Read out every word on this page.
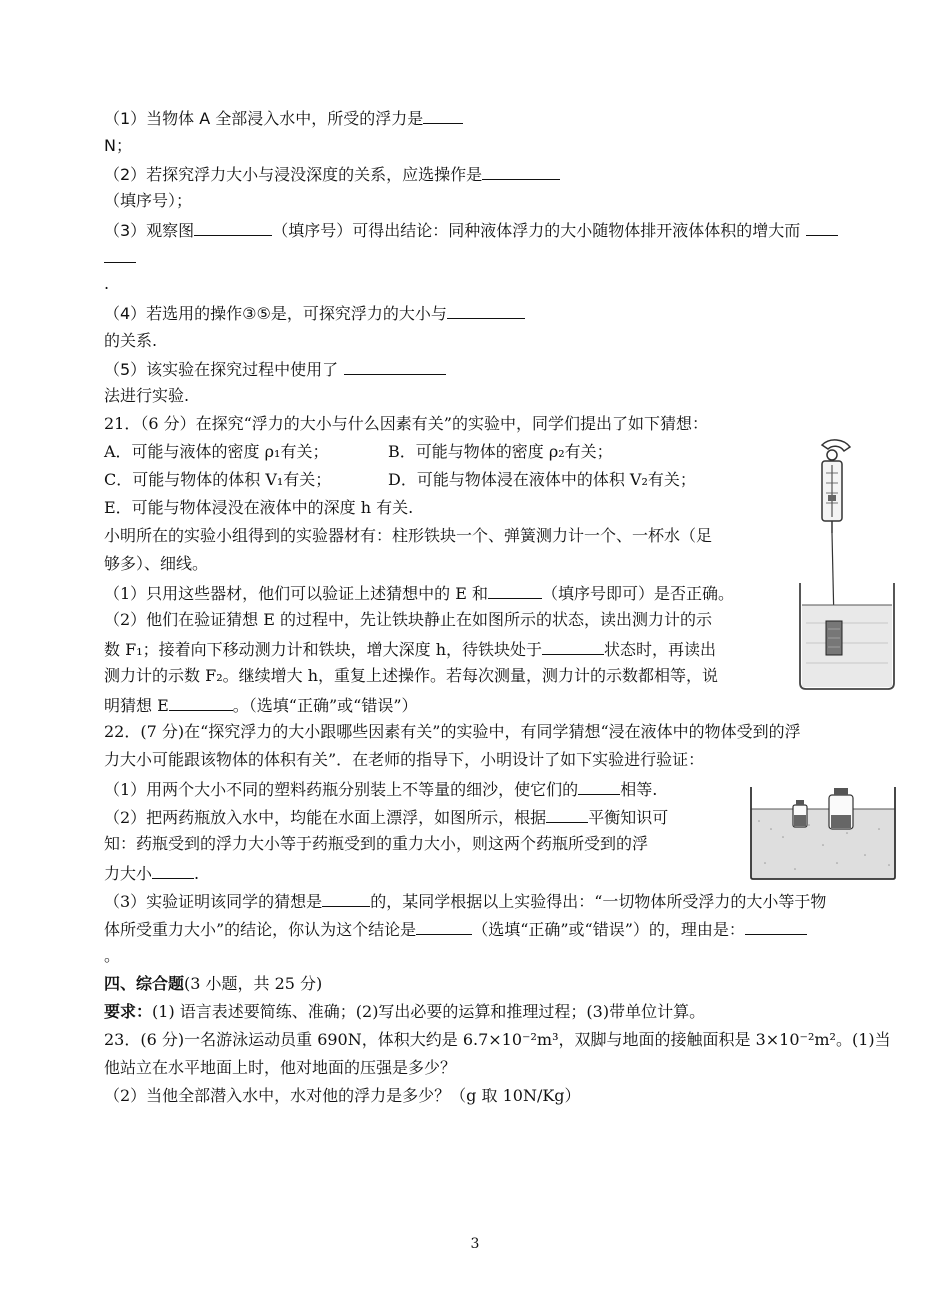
（1）当物体 A 全部浸入水中，所受的浮力是
N；
（2）若探究浮力大小与浸没深度的关系，应选操作是
（填序号）；
（3）观察图	（填序号）可得出结论：同种液体浮力的大小随物体排开液体体积的增大而
.
（4）若选用的操作③⑤是，可探究浮力的大小与
的关系.
（5）该实验在探究过程中使用了
法进行实验.
21．（6 分）在探究“浮力的大小与什么因素有关”的实验中，同学们提出了如下猜想：
A．可能与液体的密度 ρ₁有关；	B．可能与物体的密度 ρ₂有关；
C．可能与物体的体积 V₁有关；	D．可能与物体浸在液体中的体积 V₂有关；
E．可能与物体浸没在液体中的深度 h 有关.
小明所在的实验小组得到的实验器材有：柱形铁块一个、弹簧测力计一个、一杯水（足
够多）、细线。
（1）只用这些器材，他们可以验证上述猜想中的 E 和	（填序号即可）是否正确。
（2）他们在验证猜想 E 的过程中，先让铁块静止在如图所示的状态，读出测力计的示
数 F₁；接着向下移动测力计和铁块，增大深度 h，待铁块处于	状态时，再读出
测力计的示数 F₂。继续增大 h，重复上述操作。若每次测量，测力计的示数都相等，说
明猜想 E	。（选填“正确”或“错误”）
22．(7 分)在“探究浮力的大小跟哪些因素有关”的实验中，有同学猜想“浸在液体中的物体受到的浮
力大小可能跟该物体的体积有关”．在老师的指导下，小明设计了如下实验进行验证：
（1）用两个大小不同的塑料药瓶分别装上不等量的细沙，使它们的	相等.
（2）把两药瓶放入水中，均能在水面上漂浮，如图所示，根据	平衡知识可
知：药瓶受到的浮力大小等于药瓶受到的重力大小，则这两个药瓶所受到的浮
力大小	.
（3）实验证明该同学的猜想是	的，某同学根据以上实验得出：“一切物体所受浮力的大小等于物
体所受重力大小”的结论，你认为这个结论是	（选填“正确”或“错误”）的，理由是：
。
四、综合题(3 小题，共 25 分)
要求：(1) 语言表述要简练、准确；(2)写出必要的运算和推理过程；(3)带单位计算。
23．(6 分)一名游泳运动员重 690N，体积大约是 6.7×10⁻²m³，双脚与地面的接触面积是 3×10⁻²m²。(1)当
他站立在水平地面上时，他对地面的压强是多少？
（2）当他全部潜入水中，水对他的浮力是多少？（g 取 10N/Kg）
3
